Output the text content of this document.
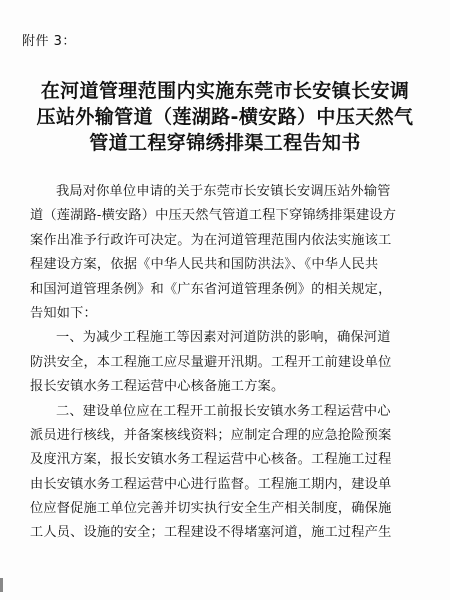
附件 3：
在河道管理范围内实施东莞市长安镇长安调
压站外输管道（莲湖路-横安路）中压天然气
管道工程穿锦绣排渠工程告知书
我局对你单位申请的关于东莞市长安镇长安调压站外输管
道（莲湖路-横安路）中压天然气管道工程下穿锦绣排渠建设方
案作出准予行政许可决定。为在河道管理范围内依法实施该工
程建设方案，依据《中华人民共和国防洪法》、《中华人民共
和国河道管理条例》和《广东省河道管理条例》的相关规定，
告知如下：
一、为减少工程施工等因素对河道防洪的影响，确保河道
防洪安全，本工程施工应尽量避开汛期。工程开工前建设单位
报长安镇水务工程运营中心核备施工方案。
二、建设单位应在工程开工前报长安镇水务工程运营中心
派员进行核线，并备案核线资料；应制定合理的应急抢险预案
及度汛方案，报长安镇水务工程运营中心核备。工程施工过程
由长安镇水务工程运营中心进行监督。工程施工期内，建设单
位应督促施工单位完善并切实执行安全生产相关制度，确保施
工人员、设施的安全；工程建设不得堵塞河道，施工过程产生
